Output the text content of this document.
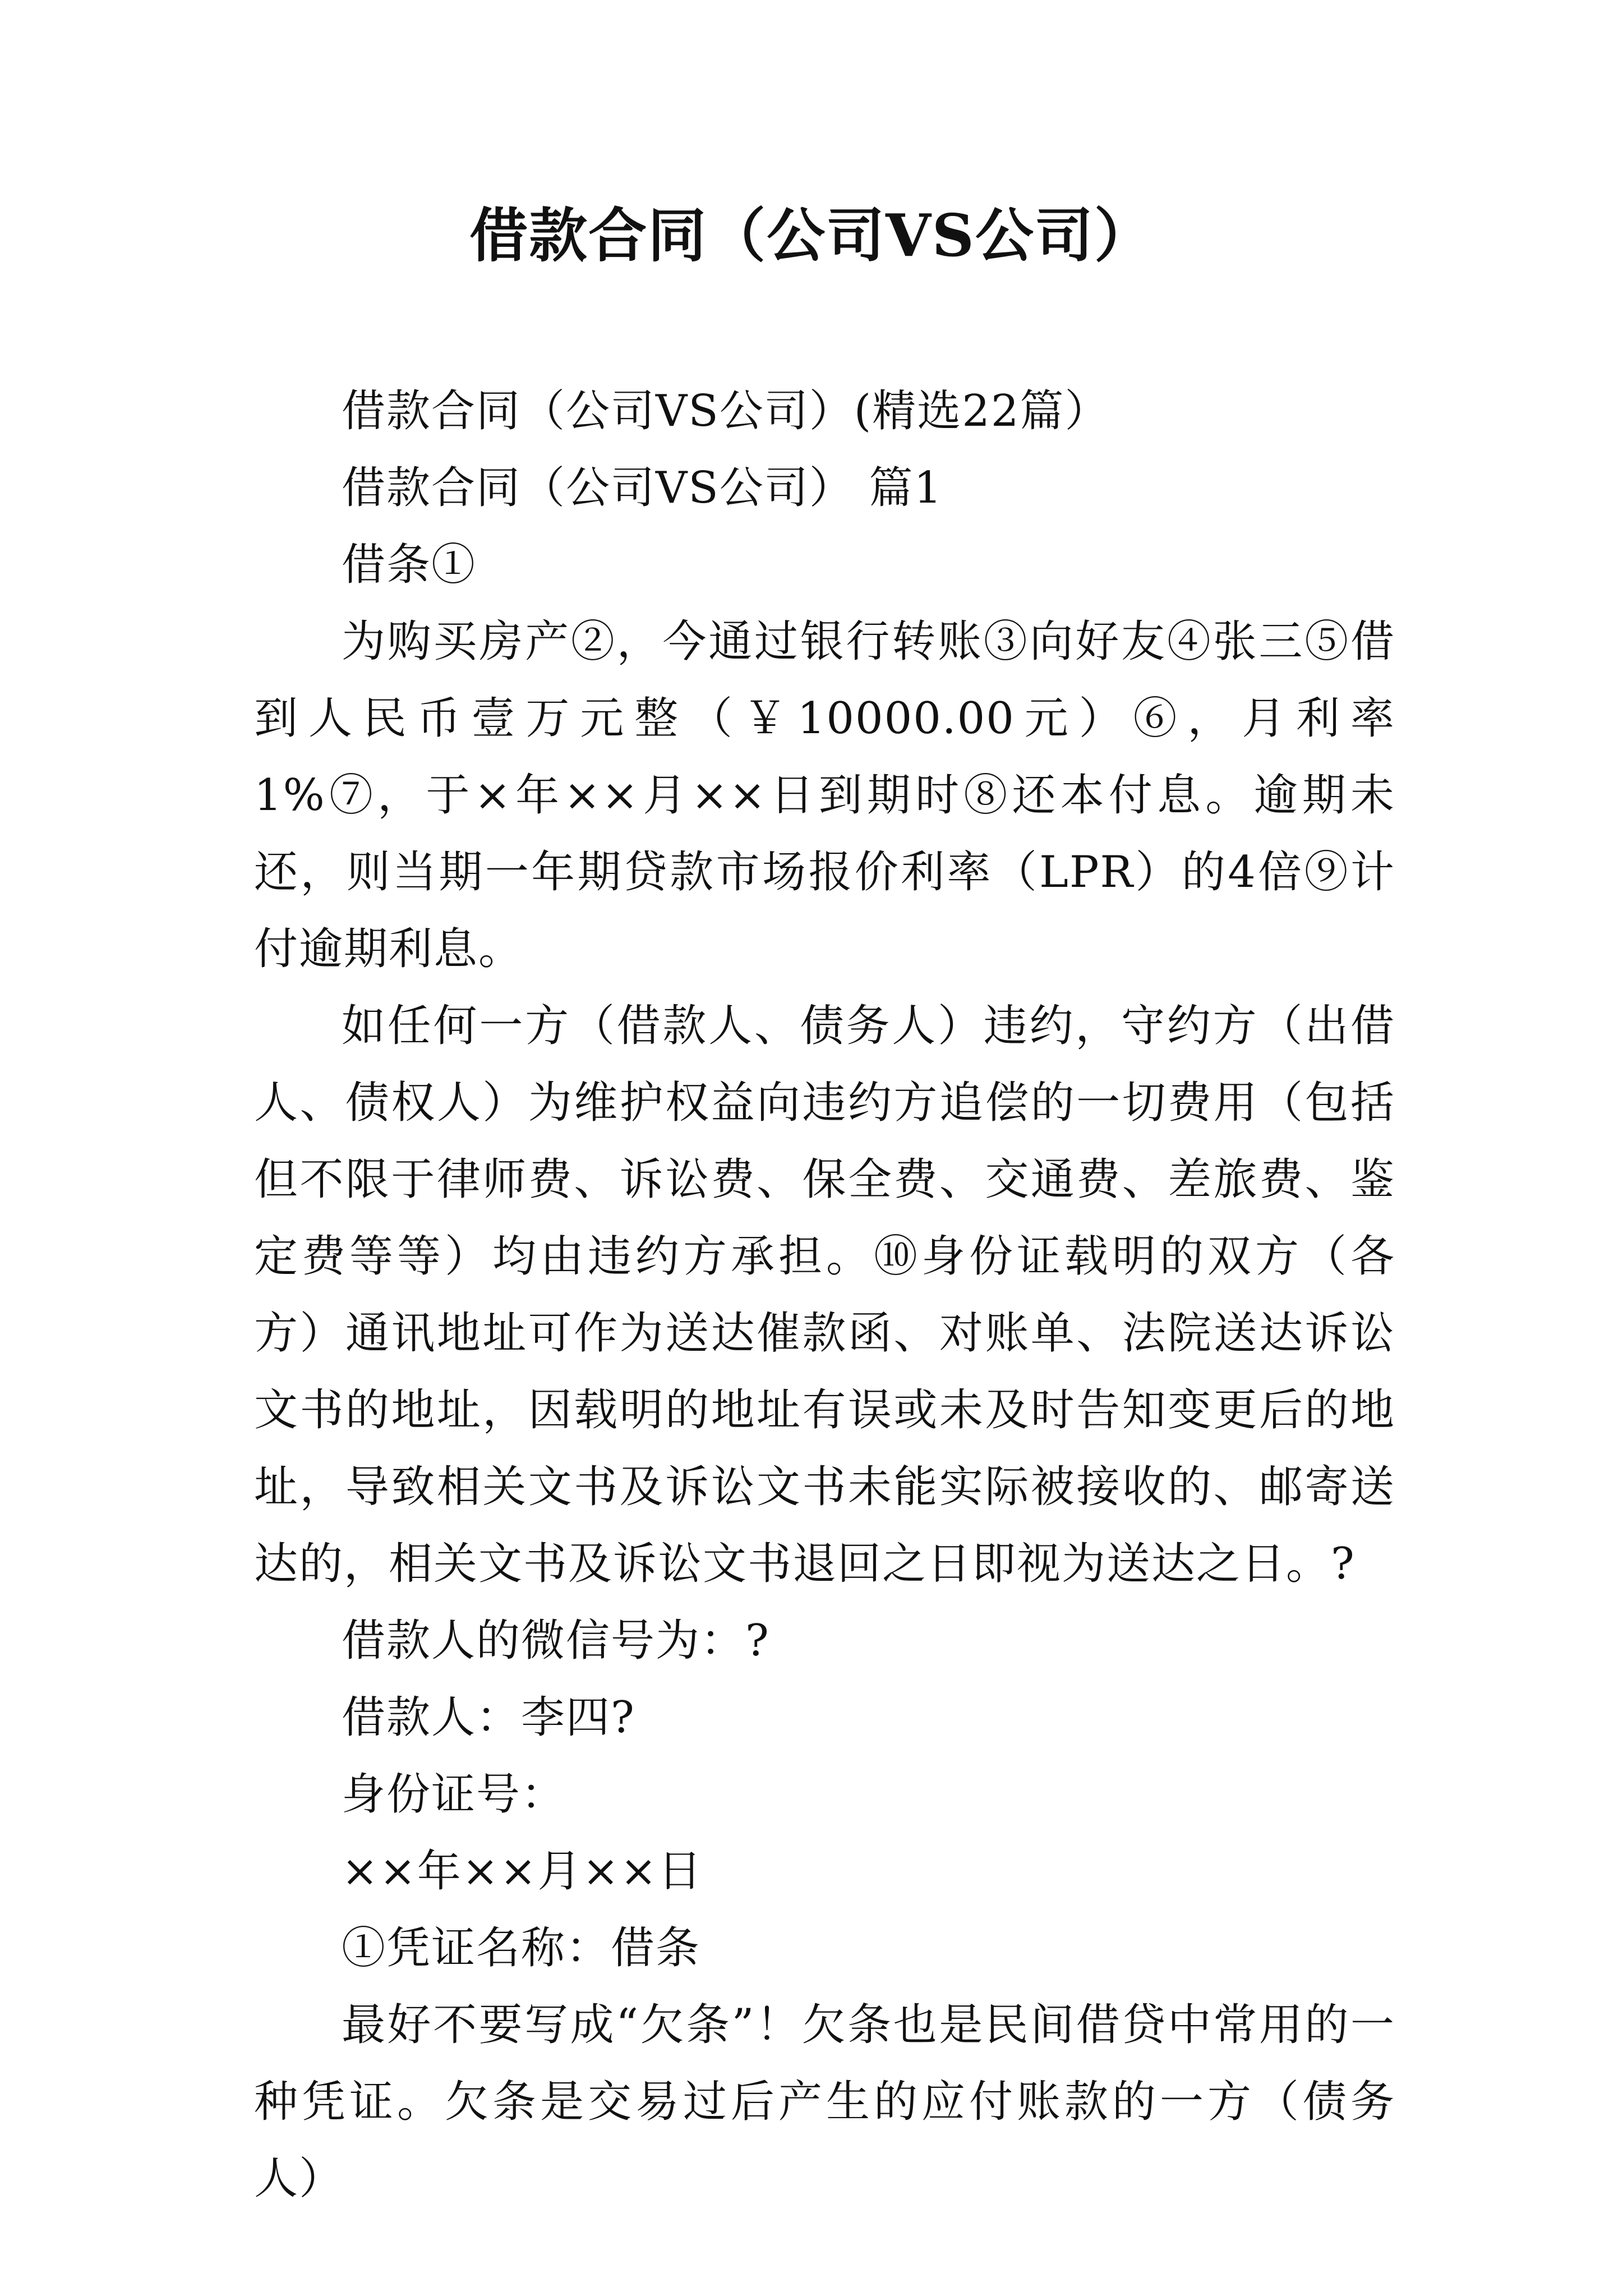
借款合同（公司VS公司）

借款合同（公司VS公司）(精选22篇）

借款合同（公司VS公司） 篇1

借条①

为购买房产②，今通过银行转账③向好友④张三⑤借到人民币壹万元整（￥10000.00元）⑥，月利率1%⑦，于×年××月××日到期时⑧还本付息。逾期未还，则当期一年期贷款市场报价利率（LPR）的4倍⑨计付逾期利息。

如任何一方（借款人、债务人）违约，守约方（出借人、债权人）为维护权益向违约方追偿的一切费用（包括但不限于律师费、诉讼费、保全费、交通费、差旅费、鉴定费等等）均由违约方承担。⑩身份证载明的双方（各方）通讯地址可作为送达催款函、对账单、法院送达诉讼文书的地址，因载明的地址有误或未及时告知变更后的地址，导致相关文书及诉讼文书未能实际被接收的、邮寄送达的，相关文书及诉讼文书退回之日即视为送达之日。?

借款人的微信号为：?

借款人：李四?

身份证号：

××年××月××日

①凭证名称：借条

最好不要写成“欠条”！欠条也是民间借贷中常用的一种凭证。欠条是交易过后产生的应付账款的一方（债务人）
